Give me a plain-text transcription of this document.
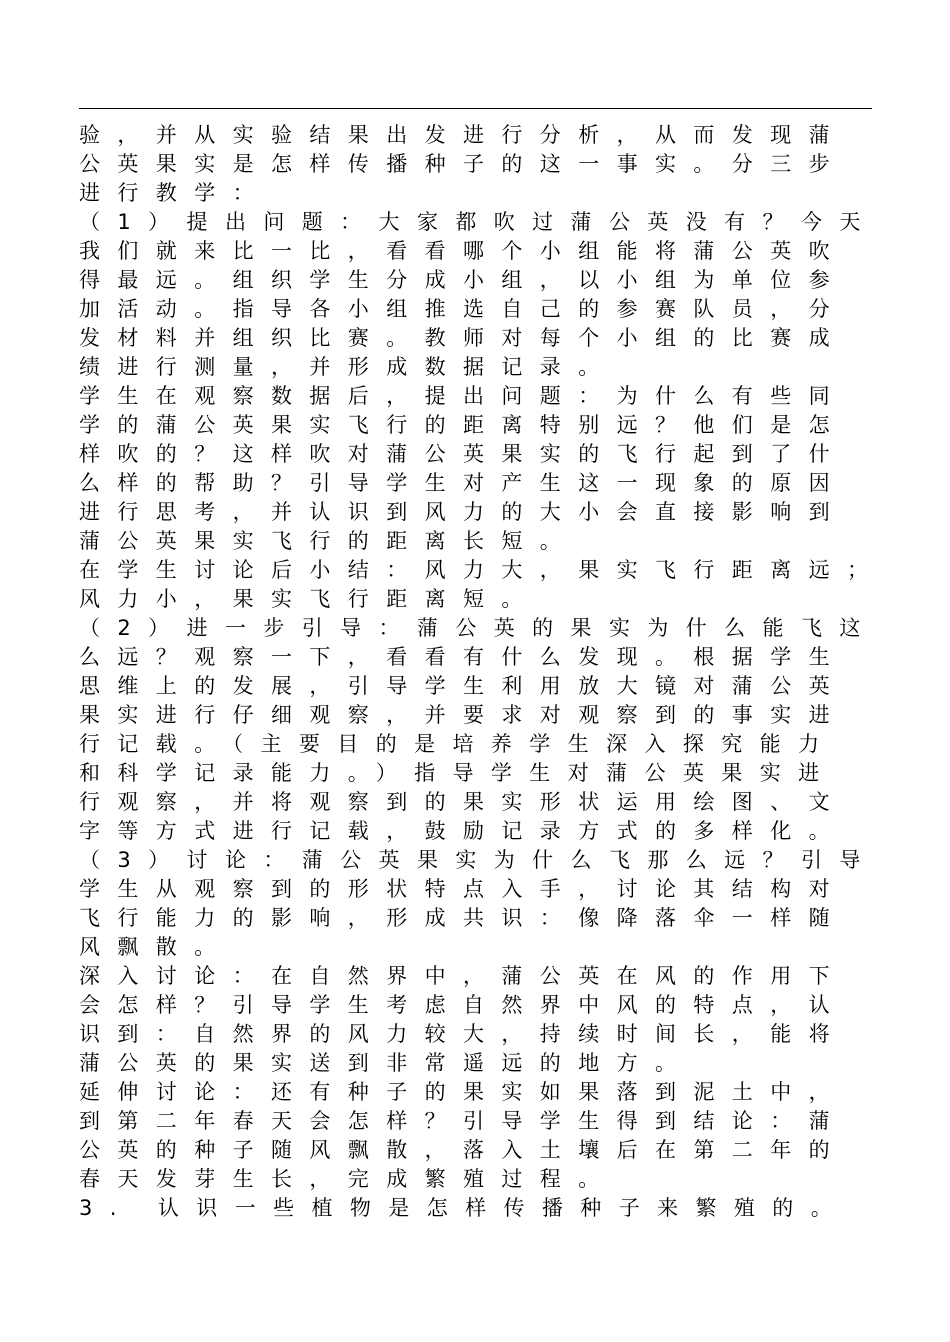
验，并从实验结果出发进行分析，从而发现蒲
公英果实是怎样传播种子的这一事实。分三步
进行教学：
（1）提出问题：大家都吹过蒲公英没有？今天
我们就来比一比，看看哪个小组能将蒲公英吹
得最远。组织学生分成小组，以小组为单位参
加活动。指导各小组推选自己的参赛队员，分
发材料并组织比赛。教师对每个小组的比赛成
绩进行测量，并形成数据记录。
学生在观察数据后，提出问题：为什么有些同
学的蒲公英果实飞行的距离特别远？他们是怎
样吹的？这样吹对蒲公英果实的飞行起到了什
么样的帮助？引导学生对产生这一现象的原因
进行思考，并认识到风力的大小会直接影响到
蒲公英果实飞行的距离长短。
在学生讨论后小结：风力大，果实飞行距离远；
风力小，果实飞行距离短。
（2）进一步引导：蒲公英的果实为什么能飞这
么远？观察一下，看看有什么发现。根据学生
思维上的发展，引导学生利用放大镜对蒲公英
果实进行仔细观察，并要求对观察到的事实进
行记载。（主要目的是培养学生深入探究能力
和科学记录能力。）指导学生对蒲公英果实进
行观察，并将观察到的果实形状运用绘图、文
字等方式进行记载，鼓励记录方式的多样化。
（3）讨论：蒲公英果实为什么飞那么远？引导
学生从观察到的形状特点入手，讨论其结构对
飞行能力的影响，形成共识：像降落伞一样随
风飘散。
深入讨论：在自然界中，蒲公英在风的作用下
会怎样？引导学生考虑自然界中风的特点，认
识到：自然界的风力较大，持续时间长，能将
蒲公英的果实送到非常遥远的地方。
延伸讨论：还有种子的果实如果落到泥土中，
到第二年春天会怎样？引导学生得到结论：蒲
公英的种子随风飘散，落入土壤后在第二年的
春天发芽生长，完成繁殖过程。
3. 认识一些植物是怎样传播种子来繁殖的。
